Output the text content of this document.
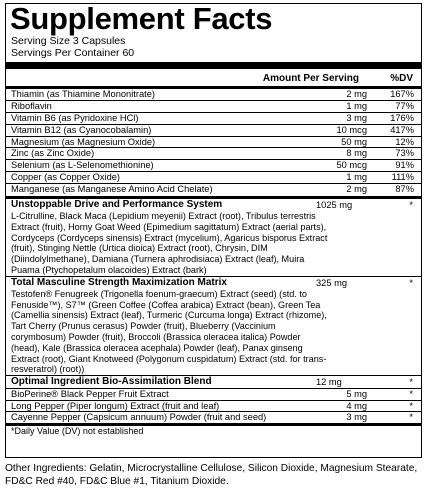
Supplement Facts
Serving Size 3 Capsules
Servings Per Container 60
Amount Per Serving	%DV
Thiamin (as Thiamine Mononitrate)	2 mg 167%
Riboflavin	1 mg	77%
Vitamin B6 (as Pyridoxine HCl)	3 mg 176%
Vitamin B12 (as Cyanocobalamin)	10 mcg 417%
Magnesium (as Magnesium Oxide)	50 mg	12%
Zinc (as Zinc Oxide)	8 mg	73%
Selenium (as L-Selenomethionine)	50 mcg	91%
Copper (as Copper Oxide)	1 mg	111%
Manganese (as Manganese Amino Acid Chelate)	2 mg	87%
Unstoppable Drive and Performance System	1025 mg	*
L-Citrulline, Black Maca (Lepidium meyenii) Extract (root), Tribulus terrestris Extract (fruit), Horny Goat Weed (Epimedium sagittatum) Extract (aerial parts), Cordyceps (Cordyceps sinensis) Extract (mycelium), Agaricus bisporus Extract (fruit), Stinging Nettle (Urtica dioica) Extract (root), Chrysin, DIM (Diindolylmethane), Damiana (Turnera aphrodisiaca) Extract (leaf), Muira Puama (Ptychopetalum olacoides) Extract (bark)
Total Masculine Strength Maximization Matrix	325 mg	*
Testofen® Fenugreek (Trigonella foenum-graecum) Extract (seed) (std. to Fenuside™), S7™ (Green Coffee (Coffea arabica) Extract (bean), Green Tea (Camellia sinensis) Extract (leaf), Turmeric (Curcuma longa) Extract (rhizome), Tart Cherry (Prunus cerasus) Powder (fruit), Blueberry (Vaccinium corymbosum) Powder (fruit), Broccoli (Brassica oleracea italica) Powder (head), Kale (Brassica oleracea acephala) Powder (leaf), Panax ginseng Extract (root), Giant Knotweed (Polygonum cuspidatum) Extract (std. for trans-resveratrol) (root))
Optimal Ingredient Bio-Assimilation Blend	12 mg	*
BioPerine® Black Pepper Fruit Extract	5 mg	*
Long Pepper (Piper longum) Extract (fruit and leaf)	4 mg	*
Cayenne Pepper (Capsicum annuum) Powder (fruit and seed)	3 mg	*
*Daily Value (DV) not established
Other Ingredients: Gelatin, Microcrystalline Cellulose, Silicon Dioxide, Magnesium Stearate, FD&C Red #40, FD&C Blue #1, Titanium Dioxide.
